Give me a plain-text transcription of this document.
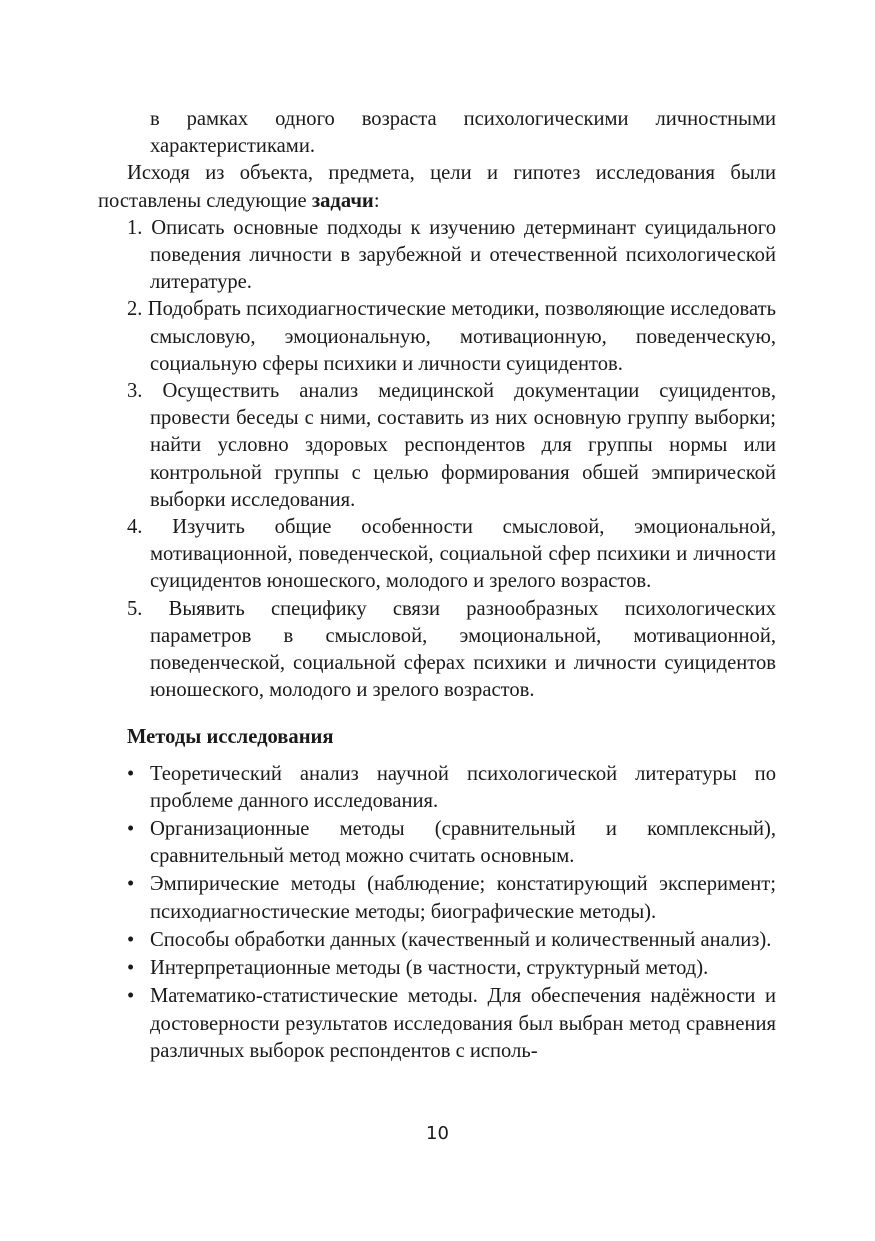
в рамках одного возраста психологическими личностными характеристиками.

Исходя из объекта, предмета, цели и гипотез исследования были поставлены следующие задачи:

1. Описать основные подходы к изучению детерминант суицидального поведения личности в зарубежной и отечественной психологической литературе.
2. Подобрать психодиагностические методики, позволяющие исследовать смысловую, эмоциональную, мотивационную, поведенческую, социальную сферы психики и личности суицидентов.
3. Осуществить анализ медицинской документации суицидентов, провести беседы с ними, составить из них основную группу выборки; найти условно здоровых респондентов для группы нормы или контрольной группы с целью формирования обшей эмпирической выборки исследования.
4. Изучить общие особенности смысловой, эмоциональной, мотивационной, поведенческой, социальной сфер психики и личности суицидентов юношеского, молодого и зрелого возрастов.
5. Выявить специфику связи разнообразных психологических параметров в смысловой, эмоциональной, мотивационной, поведенческой, социальной сферах психики и личности суицидентов юношеского, молодого и зрелого возрастов.
Методы исследования
• Теоретический анализ научной психологической литературы по проблеме данного исследования.
• Организационные методы (сравнительный и комплексный), сравнительный метод можно считать основным.
• Эмпирические методы (наблюдение; констатирующий эксперимент; психодиагностические методы; биографические методы).
• Способы обработки данных (качественный и количественный анализ).
• Интерпретационные методы (в частности, структурный метод).
• Математико-статистические методы. Для обеспечения надёжности и достоверности результатов исследования был выбран метод сравнения различных выборок респондентов с исполь-
10
